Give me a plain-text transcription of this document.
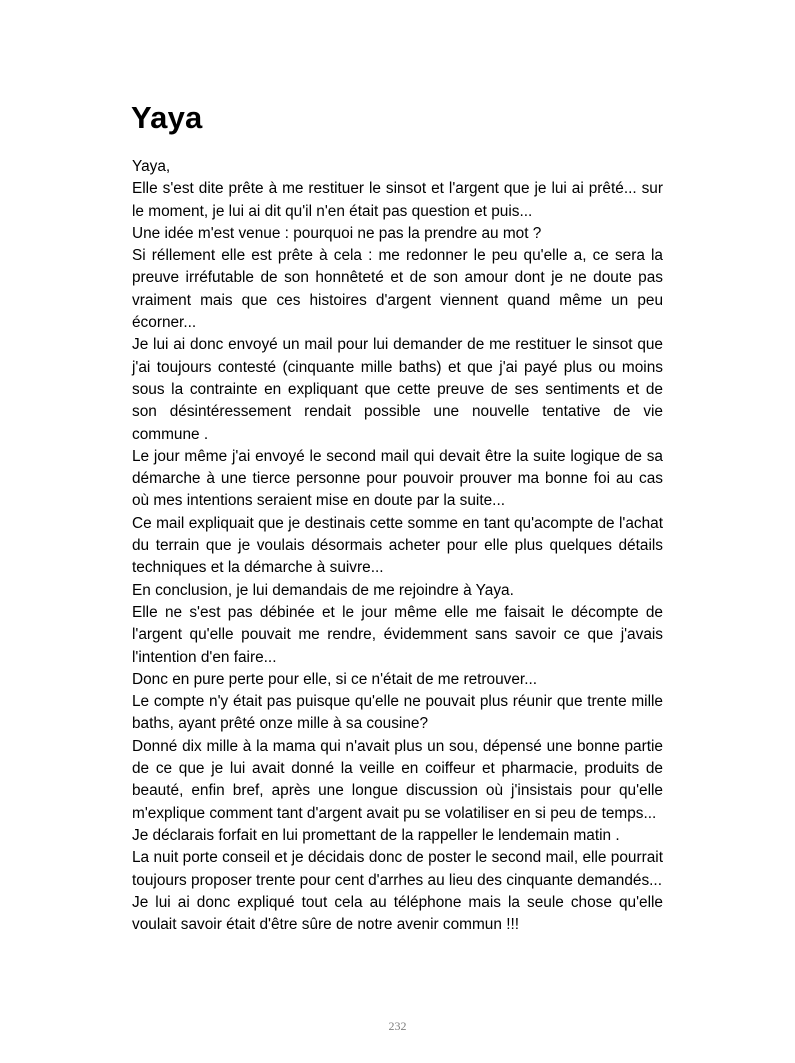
Yaya

Yaya,

Elle s'est dite prête à me restituer le sinsot et l'argent que je lui ai prêté... sur le moment, je lui ai dit qu'il n'en était pas question et puis...

Une idée m'est venue : pourquoi ne pas la prendre au mot ?

Si réllement elle est prête à cela : me redonner le peu qu'elle a, ce sera la preuve irréfutable de son honnêteté et de son amour dont je ne doute pas vraiment mais que ces histoires d'argent viennent quand même un peu écorner...

Je lui ai donc envoyé un mail pour lui demander de me restituer le sinsot que j'ai toujours contesté (cinquante mille baths) et que j'ai payé plus ou moins sous la contrainte en expliquant que cette preuve de ses sentiments et de son désintéressement rendait possible une nouvelle tentative de vie commune .

Le jour même j'ai envoyé le second mail qui devait être la suite logique de sa démarche à une tierce personne pour pouvoir prouver ma bonne foi au cas où mes intentions seraient mise en doute par la suite...

Ce mail expliquait que je destinais cette somme en tant qu'acompte de l'achat du terrain que je voulais désormais acheter pour elle plus quelques détails techniques et la démarche à suivre...

En conclusion, je lui demandais de me rejoindre à Yaya.

Elle ne s'est pas débinée et le jour même elle me faisait le décompte de l'argent qu'elle pouvait me rendre, évidemment sans savoir ce que j'avais l'intention d'en faire...

Donc en pure perte pour elle, si ce n'était de me retrouver...

Le compte n'y était pas puisque qu'elle ne pouvait plus réunir que trente mille baths, ayant prêté onze mille à sa cousine?

Donné dix mille à la mama qui n'avait plus un sou, dépensé une bonne partie de ce que je lui avait donné la veille en coiffeur et pharmacie, produits de beauté, enfin bref, après une longue discussion où j'insistais pour qu'elle m'explique comment tant d'argent avait pu se volatiliser en si peu de temps...

Je déclarais forfait en lui promettant de la rappeller le lendemain matin .

La nuit porte conseil et je décidais donc de poster le second mail, elle pourrait toujours proposer trente pour cent d'arrhes au lieu des cinquante demandés...

Je lui ai donc expliqué tout cela au téléphone mais la seule chose qu'elle voulait savoir était d'être sûre de notre avenir commun !!!

232
